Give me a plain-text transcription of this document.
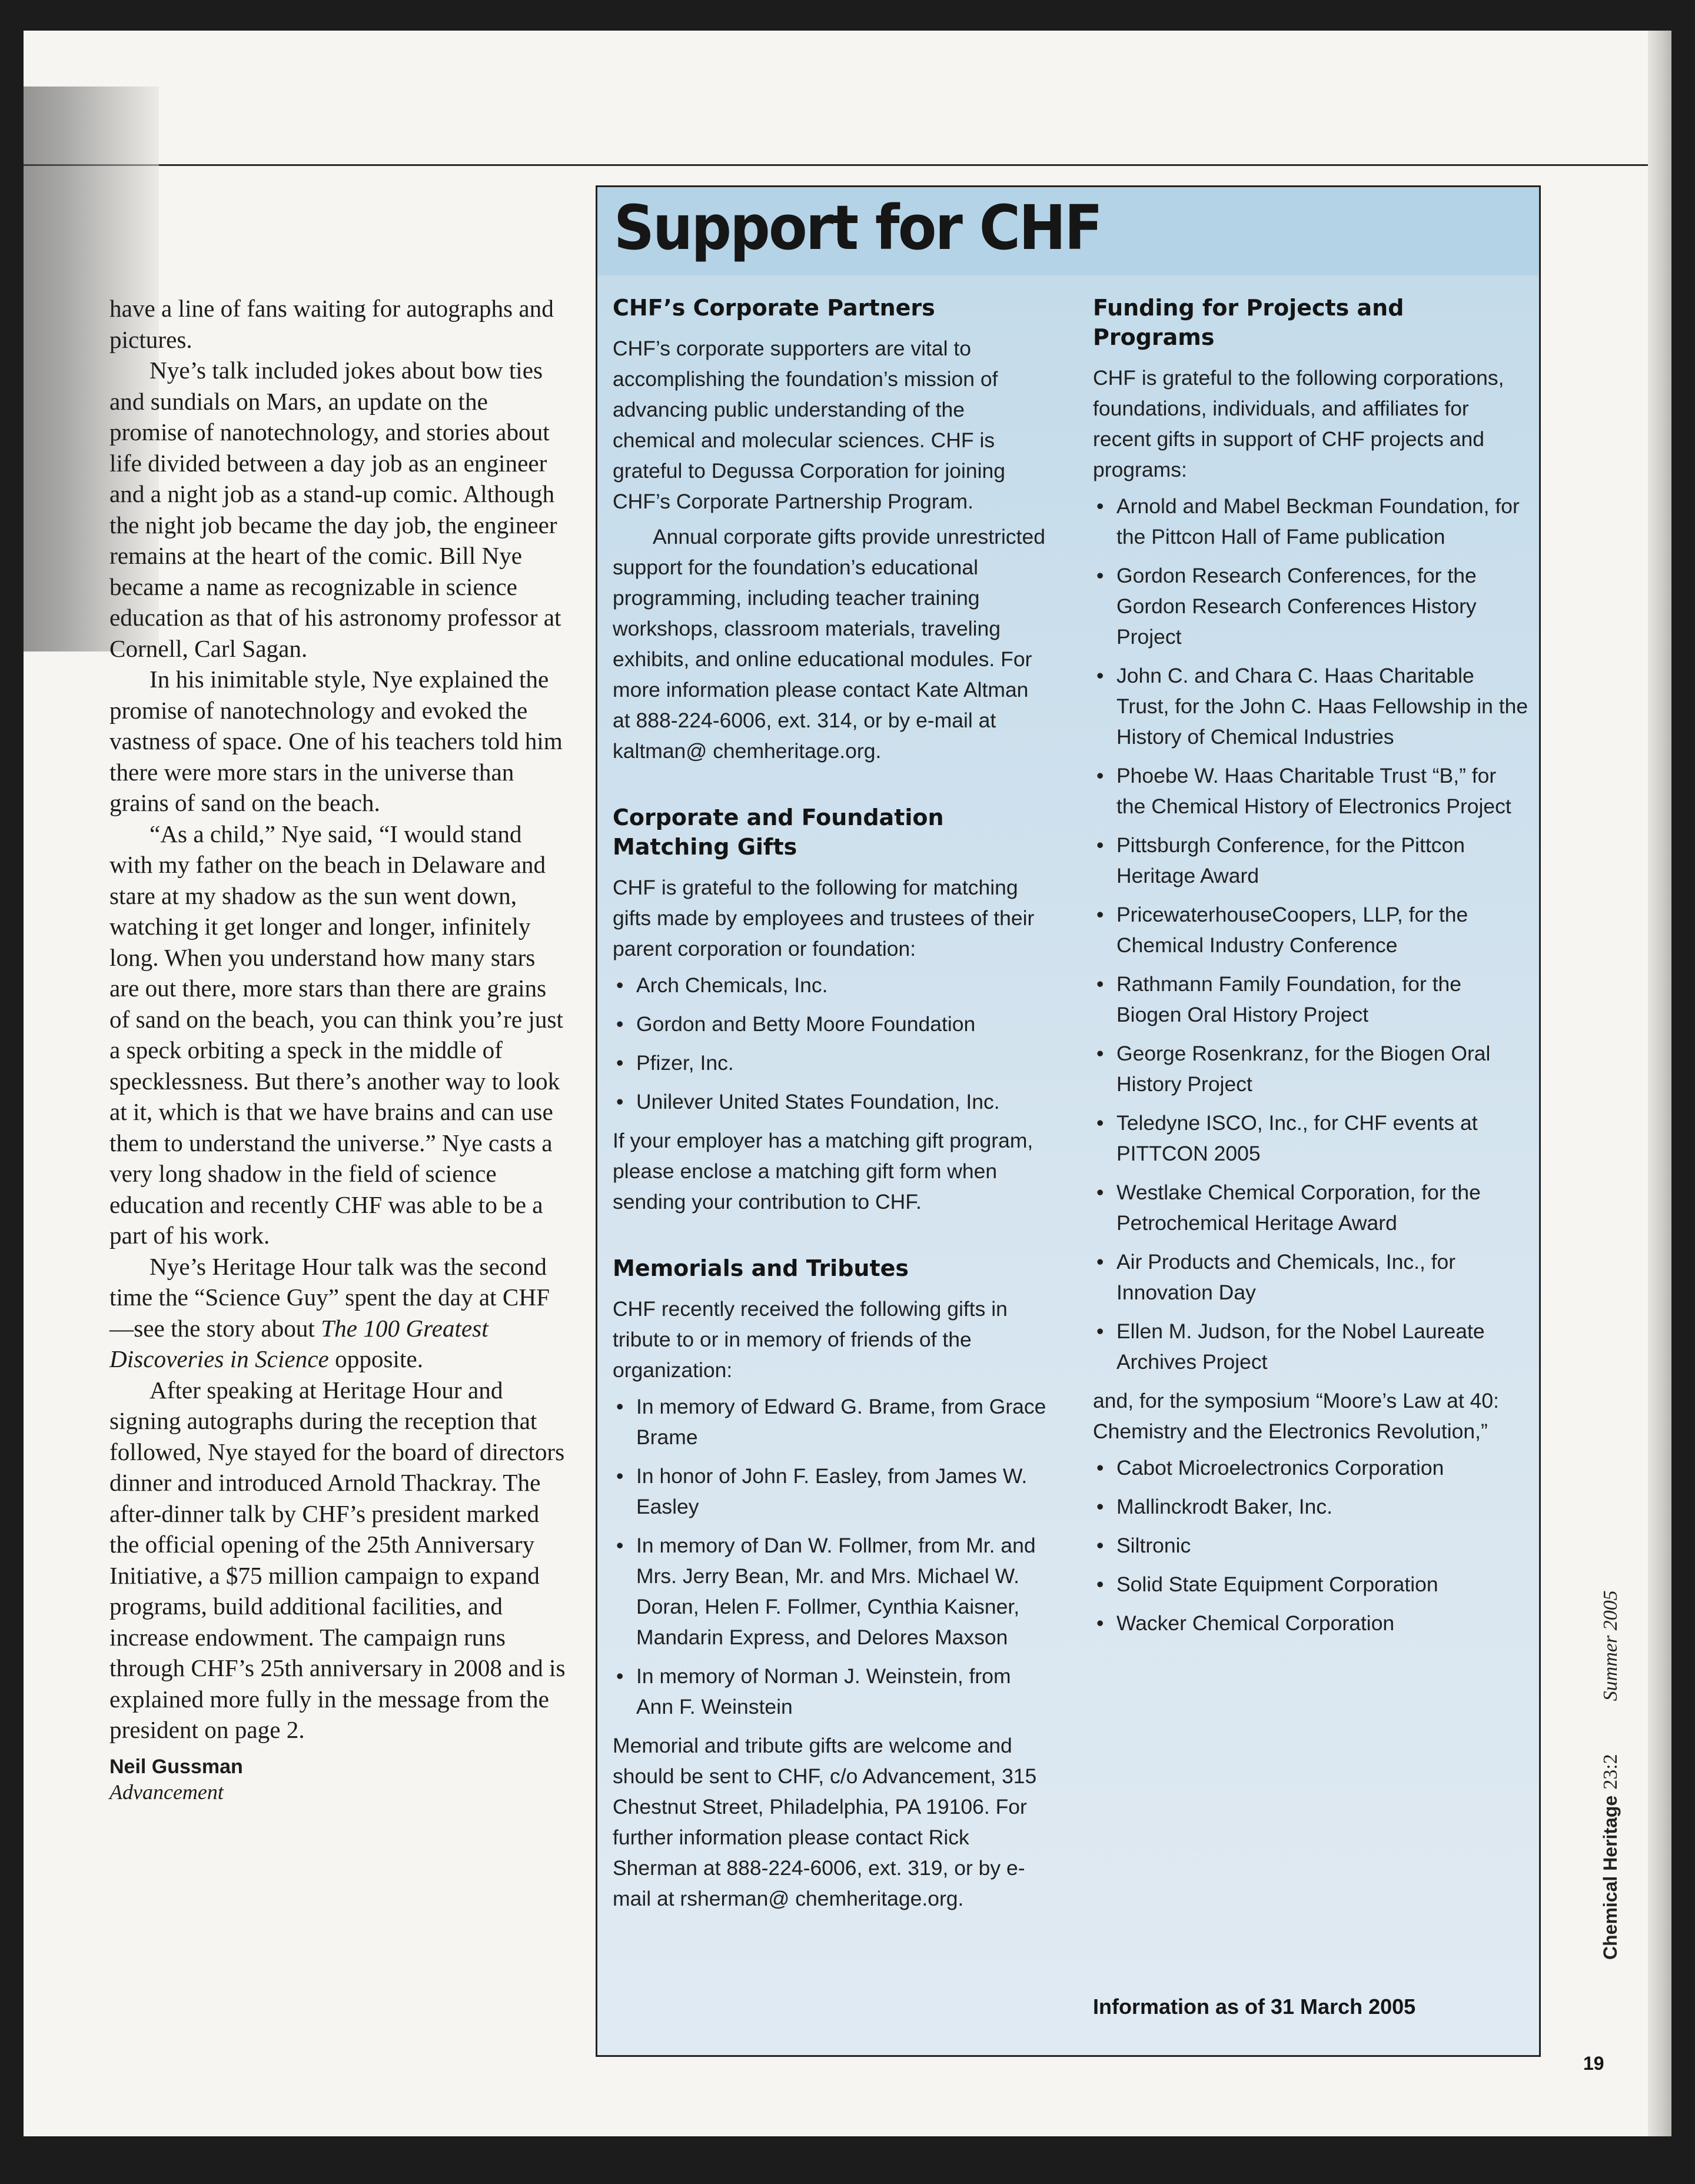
have a line of fans waiting for autographs and pictures.

Nye’s talk included jokes about bow ties and sundials on Mars, an update on the promise of nanotechnology, and stories about life divided between a day job as an engineer and a night job as a stand-up comic. Although the night job became the day job, the engineer remains at the heart of the comic. Bill Nye became a name as recognizable in science education as that of his astronomy professor at Cornell, Carl Sagan.

In his inimitable style, Nye explained the promise of nanotechnology and evoked the vastness of space. One of his teachers told him there were more stars in the universe than grains of sand on the beach.

“As a child,” Nye said, “I would stand with my father on the beach in Delaware and stare at my shadow as the sun went down, watching it get longer and longer, infinitely long. When you understand how many stars are out there, more stars than there are grains of sand on the beach, you can think you’re just a speck orbiting a speck in the middle of specklessness. But there’s another way to look at it, which is that we have brains and can use them to understand the universe.” Nye casts a very long shadow in the field of science education and recently CHF was able to be a part of his work.

Nye’s Heritage Hour talk was the second time the “Science Guy” spent the day at CHF—see the story about The 100 Greatest Discoveries in Science opposite.

After speaking at Heritage Hour and signing autographs during the reception that followed, Nye stayed for the board of directors dinner and introduced Arnold Thackray. The after-dinner talk by CHF’s president marked the official opening of the 25th Anniversary Initiative, a $75 million campaign to expand programs, build additional facilities, and increase endowment. The campaign runs through CHF’s 25th anniversary in 2008 and is explained more fully in the message from the president on page 2.

Neil Gussman
Advancement
Support for CHF
CHF’s Corporate Partners

CHF’s corporate supporters are vital to accomplishing the foundation’s mission of advancing public understanding of the chemical and molecular sciences. CHF is grateful to Degussa Corporation for joining CHF’s Corporate Partnership Program.

Annual corporate gifts provide unrestricted support for the foundation’s educational programming, including teacher training workshops, classroom materials, traveling exhibits, and online educational modules. For more information please contact Kate Altman at 888-224-6006, ext. 314, or by e-mail at kaltman@ chemheritage.org.

Corporate and Foundation Matching Gifts

CHF is grateful to the following for matching gifts made by employees and trustees of their parent corporation or foundation:

• Arch Chemicals, Inc.
• Gordon and Betty Moore Foundation
• Pfizer, Inc.
• Unilever United States Foundation, Inc.

If your employer has a matching gift program, please enclose a matching gift form when sending your contribution to CHF.

Memorials and Tributes

CHF recently received the following gifts in tribute to or in memory of friends of the organization:

• In memory of Edward G. Brame, from Grace Brame
• In honor of John F. Easley, from James W. Easley
• In memory of Dan W. Follmer, from Mr. and Mrs. Jerry Bean, Mr. and Mrs. Michael W. Doran, Helen F. Follmer, Cynthia Kaisner, Mandarin Express, and Delores Maxson
• In memory of Norman J. Weinstein, from Ann F. Weinstein

Memorial and tribute gifts are welcome and should be sent to CHF, c/o Advancement, 315 Chestnut Street, Philadelphia, PA 19106. For further information please contact Rick Sherman at 888-224-6006, ext. 319, or by e-mail at rsherman@ chemheritage.org.

Funding for Projects and Programs

CHF is grateful to the following corporations, foundations, individuals, and affiliates for recent gifts in support of CHF projects and programs:

• Arnold and Mabel Beckman Foundation, for the Pittcon Hall of Fame publication
• Gordon Research Conferences, for the Gordon Research Conferences History Project
• John C. and Chara C. Haas Charitable Trust, for the John C. Haas Fellowship in the History of Chemical Industries
• Phoebe W. Haas Charitable Trust “B,” for the Chemical History of Electronics Project
• Pittsburgh Conference, for the Pittcon Heritage Award
• PricewaterhouseCoopers, LLP, for the Chemical Industry Conference
• Rathmann Family Foundation, for the Biogen Oral History Project
• George Rosenkranz, for the Biogen Oral History Project
• Teledyne ISCO, Inc., for CHF events at PITTCON 2005
• Westlake Chemical Corporation, for the Petrochemical Heritage Award
• Air Products and Chemicals, Inc., for Innovation Day
• Ellen M. Judson, for the Nobel Laureate Archives Project

and, for the symposium “Moore’s Law at 40: Chemistry and the Electronics Revolution,”

• Cabot Microelectronics Corporation
• Mallinckrodt Baker, Inc.
• Siltronic
• Solid State Equipment Corporation
• Wacker Chemical Corporation
Information as of 31 March 2005
Chemical Heritage 23:2 Summer 2005
19
